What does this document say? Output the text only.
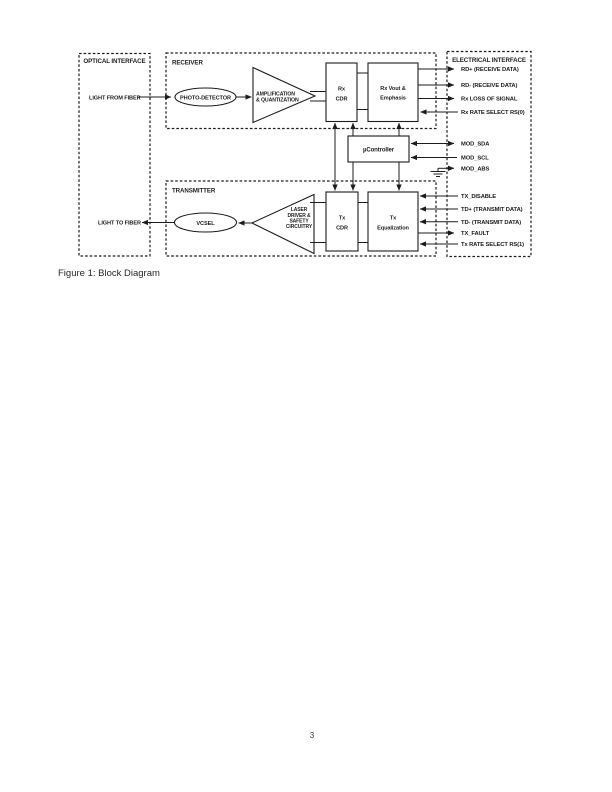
OPTICAL INTERFACE	RECEIVER
TRANSMITTER
ELECTRICAL INTERFACE
LIGHT FROM FIBER	PHOTO-DETECTOR
AMPLIFICATION
& QUANTIZATION
Rx
CDR
Rx Vout &
Emphasis
µController
LIGHT TO FIBER	VCSEL
LASER
DRIVER &
SAFETY
CIRCUITRY
Tx
CDR
Tx
Equalization
RD+ (RECEIVE DATA)
RD- (RECEIVE DATA)
Rx LOSS OF SIGNAL
Rx RATE SELECT RS(0)
MOD_SDA
MOD_SCL
MOD_ABS
TX_DISABLE
TD+ (TRANSMIT DATA)
TD- (TRANSMIT DATA)
TX_FAULT
Tx RATE SELECT RS(1)
Figure 1: Block Diagram
3
